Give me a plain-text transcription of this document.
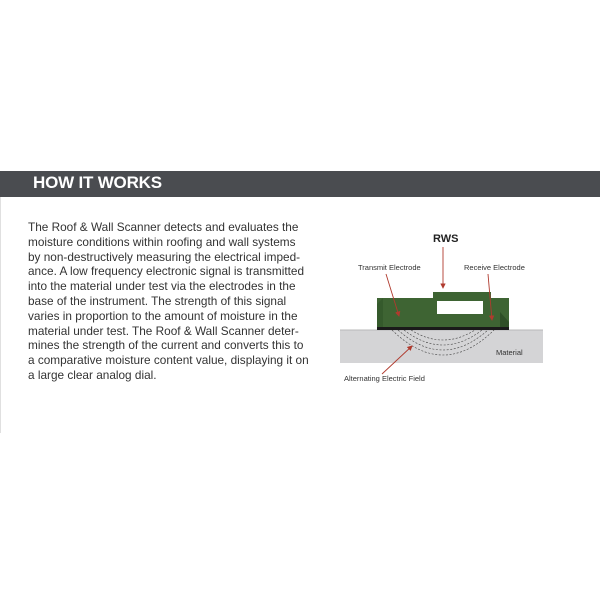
HOW IT WORKS

The Roof & Wall Scanner detects and evaluates the
moisture conditions within roofing and wall systems
by non-destructively measuring the electrical imped-
ance. A low frequency electronic signal is transmitted
into the material under test via the electrodes in the
base of the instrument. The strength of this signal
varies in proportion to the amount of moisture in the
material under test. The Roof & Wall Scanner deter-
mines the strength of the current and converts this to
a comparative moisture content value, displaying it on
a large clear analog dial.

Material
RWS
Transmit Electrode	Receive Electrode
Alternating Electric Field
